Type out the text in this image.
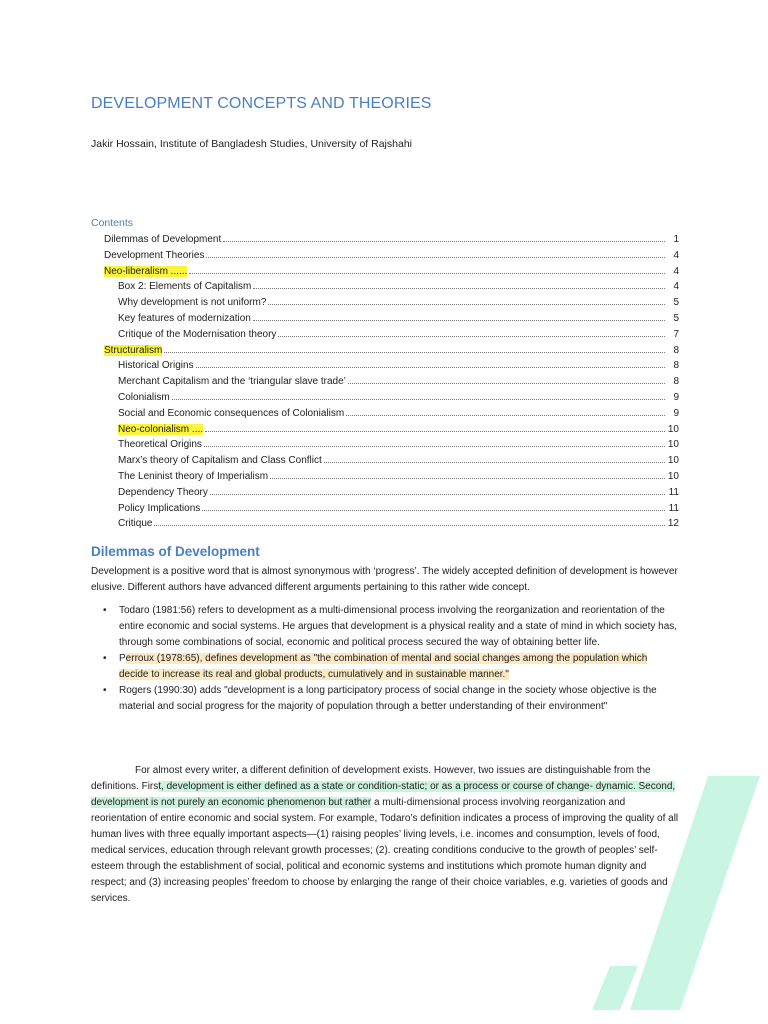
DEVELOPMENT CONCEPTS AND THEORIES
Jakir Hossain, Institute of Bangladesh Studies, University of Rajshahi
Contents
Dilemmas of Development	1
Development Theories	4
Neo-liberalism ......	4
Box 2: Elements of Capitalism	4
Why development is not uniform?	5
Key features of modernization	5
Critique of the Modernisation theory	7
Structuralism	8
Historical Origins	8
Merchant Capitalism and the ‘triangular slave trade’	8
Colonialism	9
Social and Economic consequences of Colonialism	9
Neo-colonialism ....	10
Theoretical Origins	10
Marx’s theory of Capitalism and Class Conflict	10
The Leninist theory of Imperialism	10
Dependency Theory	11
Policy Implications	11
Critique	12
Dilemmas of Development
Development is a positive word that is almost synonymous with ‘progress’. The widely accepted definition of development is however elusive. Different authors have advanced different arguments pertaining to this rather wide concept.
• Todaro (1981:56) refers to development as a multi-dimensional process involving the reorganization and reorientation of the entire economic and social systems. He argues that development is a physical reality and a state of mind in which society has, through some combinations of social, economic and political process secured the way of obtaining better life.
• Perroux (1978:65), defines development as "the combination of mental and social changes among the population which decide to increase its real and global products, cumulatively and in sustainable manner."
• Rogers (1990:30) adds "development is a long participatory process of social change in the society whose objective is the material and social progress for the majority of population through a better understanding of their environment"
For almost every writer, a different definition of development exists. However, two issues are distinguishable from the definitions. First, development is either defined as a state or condition-static; or as a process or course of change- dynamic. Second, development is not purely an economic phenomenon but rather a multi-dimensional process involving reorganization and reorientation of entire economic and social system. For example, Todaro’s definition indicates a process of improving the quality of all human lives with three equally important aspects—(1) raising peoples’ living levels, i.e. incomes and consumption, levels of food, medical services, education through relevant growth processes; (2). creating conditions conducive to the growth of peoples’ self-esteem through the establishment of social, political and economic systems and institutions which promote human dignity and respect; and (3) increasing peoples’ freedom to choose by enlarging the range of their choice variables, e.g. varieties of goods and services.
